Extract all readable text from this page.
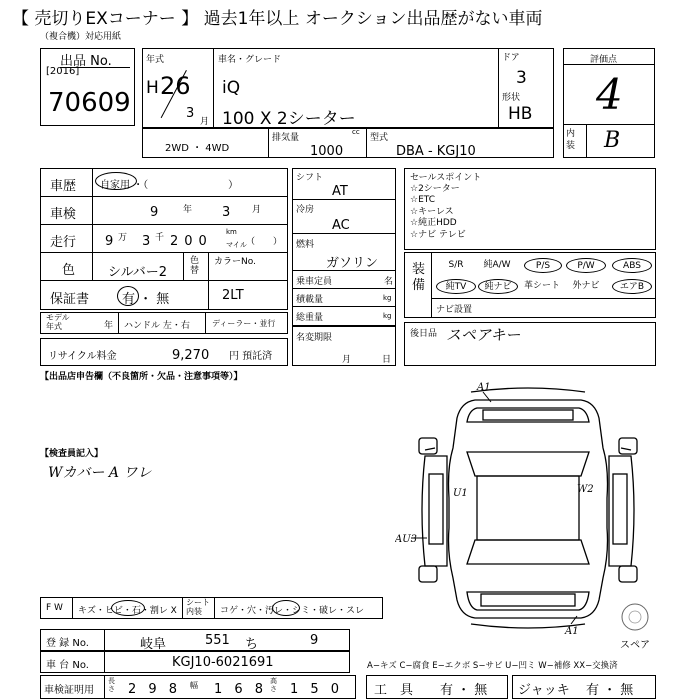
【 売切りEXコーナー 】 過去1年以上 オークション出品歴がない車両
（複合機）対応用紙
出品 No.
[2016]
70609
年式
H 26
3
月
車名・グレード
iQ
100 X 2シーター
ドア
3
形状
HB
評価点
4
内装 B
2WD ・ 4WD
排気量
cc
1000
型式
DBA - KGJ10
車歴 自家用 ・（　　　　　　　　）
車検	9	年 3 月
走行 9 万 3 千 200
km
マイル （　　）
色	シルバー2
色替
カラーNo.
保証書	有 ・ 無	2LT
モデル年式	年 ハンドル 左・右	ディーラー・並行
リサイクル料金	9,270 円 預託済
シフト
AT
冷房
AC
燃料
ガソリン
乗車定員	名
積載量	kg
総重量	kg
名変期限
月	日
セールスポイント
☆2シーター
☆ETC
☆キーレス
☆純正HDD
☆ナビ テレビ
装備
S/R	純A/W	P/S	P/W	ABS
純TV	純ナビ	革シート	外ナビ	エアB
ナビ設置
後日品 スペアキー
【出品店申告欄（不良箇所・欠品・注意事項等）】
【検査員記入】
Wカバー A ワレ
A1
U1	W2
AU3
A1
スペア
F W キズ・ヒビ・石・割レ X
シート内装	コゲ・穴・汚レ・シミ・破レ・スレ
登 録 No.	岐阜	551 ち	9
車 台 No.	KGJ10-6021691	A−キズ C−腐食 E−エクボ S−サビ U−凹ミ W−補修 XX−交換済
車検証明用
長さ 2 9 8 幅 1 6 8
高さ 1 5 0 工　具 有 ・ 無 ジャッキ 有 ・ 無
